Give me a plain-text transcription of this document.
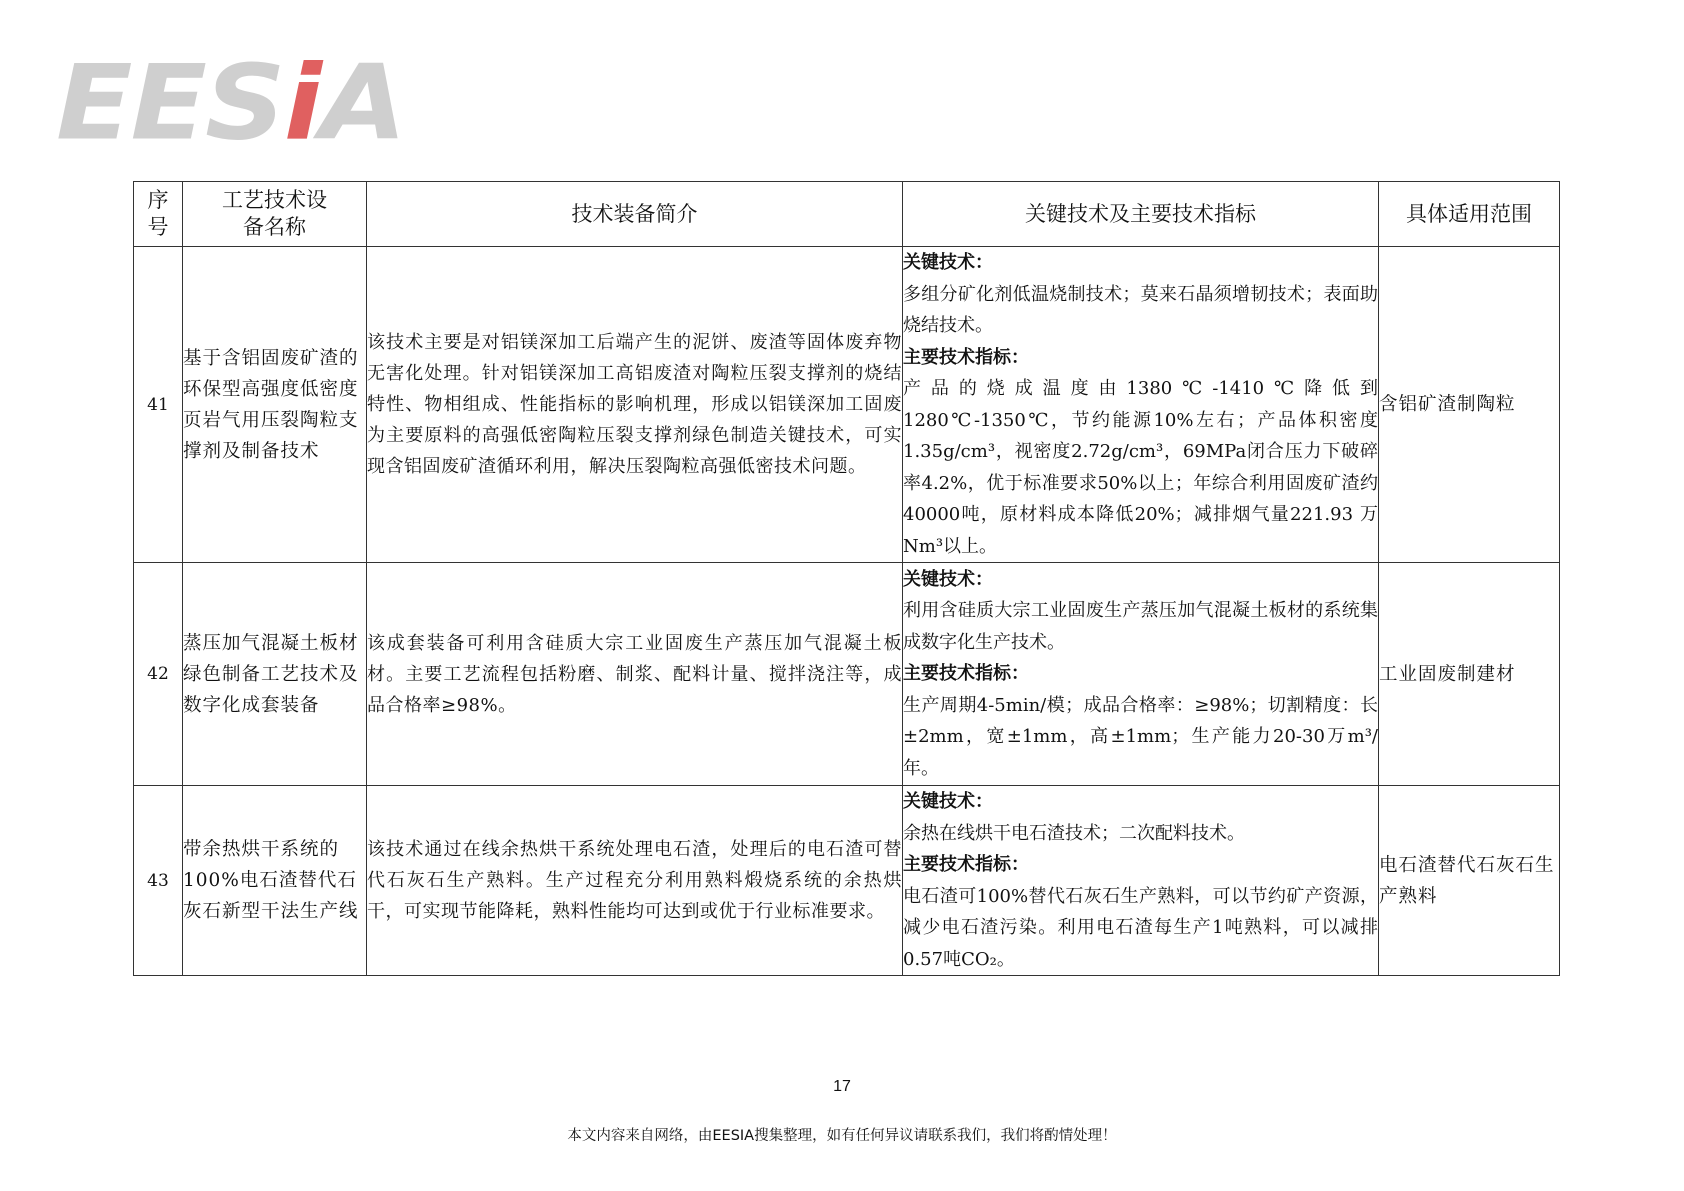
EESiA
序号	工艺技术设备名称	技术装备简介	关键技术及主要技术指标	具体适用范围
41	基于含铝固废矿渣的环保型高强度低密度页岩气用压裂陶粒支撑剂及制备技术	该技术主要是对铝镁深加工后端产生的泥饼、废渣等固体废弃物无害化处理。针对铝镁深加工高铝废渣对陶粒压裂支撑剂的烧结特性、物相组成、性能指标的影响机理，形成以铝镁深加工固废为主要原料的高强低密陶粒压裂支撑剂绿色制造关键技术，可实现含铝固废矿渣循环利用，解决压裂陶粒高强低密技术问题。	关键技术：
多组分矿化剂低温烧制技术；莫来石晶须增韧技术；表面助烧结技术。
主要技术指标：
产品的烧成温度由1380℃-1410℃降低到1280℃-1350℃，节约能源10%左右；产品体积密度1.35g/cm³，视密度2.72g/cm³，69MPa闭合压力下破碎率4.2%，优于标准要求50%以上；年综合利用固废矿渣约40000吨，原材料成本降低20%；减排烟气量221.93 万Nm³以上。	含铝矿渣制陶粒
42	蒸压加气混凝土板材绿色制备工艺技术及数字化成套装备	该成套装备可利用含硅质大宗工业固废生产蒸压加气混凝土板材。主要工艺流程包括粉磨、制浆、配料计量、搅拌浇注等，成品合格率≥98%。	关键技术：
利用含硅质大宗工业固废生产蒸压加气混凝土板材的系统集成数字化生产技术。
主要技术指标：
生产周期4-5min/模；成品合格率：≥98%；切割精度：长±2mm，宽±1mm，高±1mm；生产能力20-30万m³/年。	工业固废制建材
43	带余热烘干系统的100%电石渣替代石灰石新型干法生产线	该技术通过在线余热烘干系统处理电石渣，处理后的电石渣可替代石灰石生产熟料。生产过程充分利用熟料煅烧系统的余热烘干，可实现节能降耗，熟料性能均可达到或优于行业标准要求。	关键技术：
余热在线烘干电石渣技术；二次配料技术。
主要技术指标：
电石渣可100%替代石灰石生产熟料，可以节约矿产资源，减少电石渣污染。利用电石渣每生产1吨熟料，可以减排0.57吨CO₂。	电石渣替代石灰石生产熟料
17
本文内容来自网络，由EESIA搜集整理，如有任何异议请联系我们，我们将酌情处理！
